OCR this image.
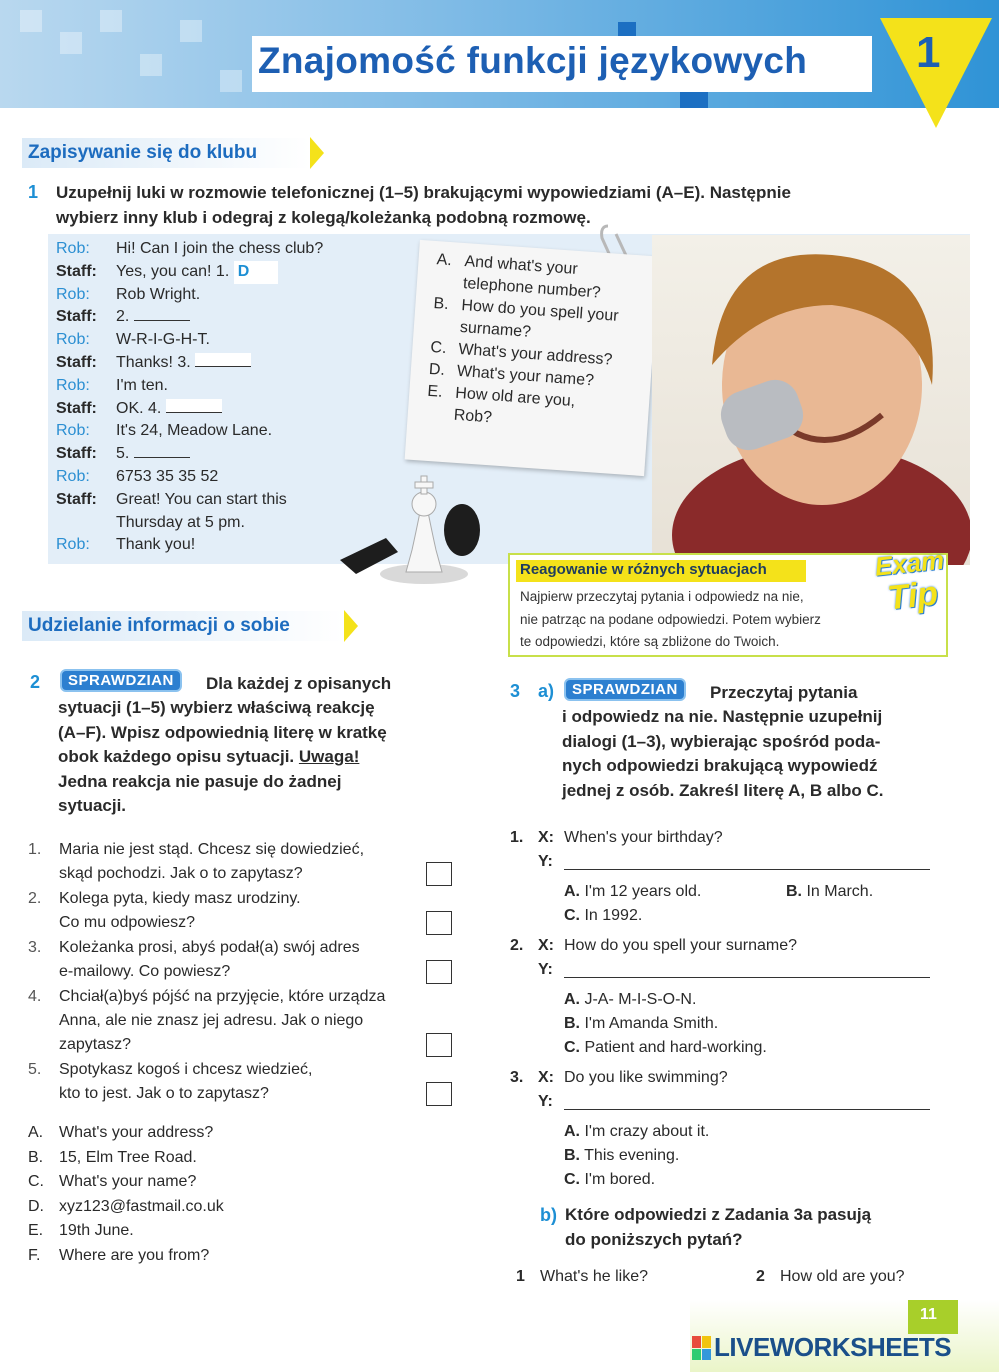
Znajomość funkcji językowych 1
Zapisywanie się do klubu
1 Uzupełnij luki w rozmowie telefonicznej (1–5) brakującymi wypowiedziami (A–E). Następnie
wybierz inny klub i odegraj z kolegą/koleżanką podobną rozmowę.
Rob: Hi! Can I join the chess club?
Staff: Yes, you can! 1. D
Rob: Rob Wright.
Staff: 2.
Rob: W-R-I-G-H-T.
Staff: Thanks! 3.
Rob: I'm ten.
Staff: OK. 4.
Rob: It's 24, Meadow Lane.
Staff: 5.
Rob: 6753 35 35 52
Staff: Great! You can start this
Thursday at 5 pm.
Rob: Thank you!
A. And what's your
telephone number?
B. How do you spell your
surname?
C. What's your address?
D. What's your name?
E. How old are you,
Rob?
Reagowanie w różnych sytuacjach
Najpierw przeczytaj pytania i odpowiedz na nie,
nie patrząc na podane odpowiedzi. Potem wybierz
te odpowiedzi, które są zbliżone do Twoich.
Exam
Tip
Udzielanie informacji o sobie
2	SPRAWDZIAN	Dla każdej z opisanych
sytuacji (1–5) wybierz właściwą reakcję
(A–F). Wpisz odpowiednią literę w kratkę
obok każdego opisu sytuacji. Uwaga!
Jedna reakcja nie pasuje do żadnej
sytuacji.
1. Maria nie jest stąd. Chcesz się dowiedzieć,
skąd pochodzi. Jak o to zapytasz?
2. Kolega pyta, kiedy masz urodziny.
Co mu odpowiesz?
3. Koleżanka prosi, abyś podał(a) swój adres
e-mailowy. Co powiesz?
4. Chciał(a)byś pójść na przyjęcie, które urządza
Anna, ale nie znasz jej adresu. Jak o niego
zapytasz?
5. Spotykasz kogoś i chcesz wiedzieć,
kto to jest. Jak o to zapytasz?
A. What's your address?
B. 15, Elm Tree Road.
C. What's your name?
D. xyz123@fastmail.co.uk
E. 19th June.
F. Where are you from?
3 a)	SPRAWDZIAN	Przeczytaj pytania
i odpowiedz na nie. Następnie uzupełnij
dialogi (1–3), wybierając spośród poda-
nych odpowiedzi brakującą wypowiedź
jednej z osób. Zakreśl literę A, B albo C.
1. X: When's your birthday?
Y:
A. I'm 12 years old.	B. In March.
C. In 1992.
2. X: How do you spell your surname?
Y:
A. J-A- M-I-S-O-N.
B. I'm Amanda Smith.
C. Patient and hard-working.
3. X: Do you like swimming?
Y:
A. I'm crazy about it.
B. This evening.
C. I'm bored.
b) Które odpowiedzi z Zadania 3a pasują
do poniższych pytań?
1 What's he like?	2 How old are you?
11
LIVEWORKSHEETS
